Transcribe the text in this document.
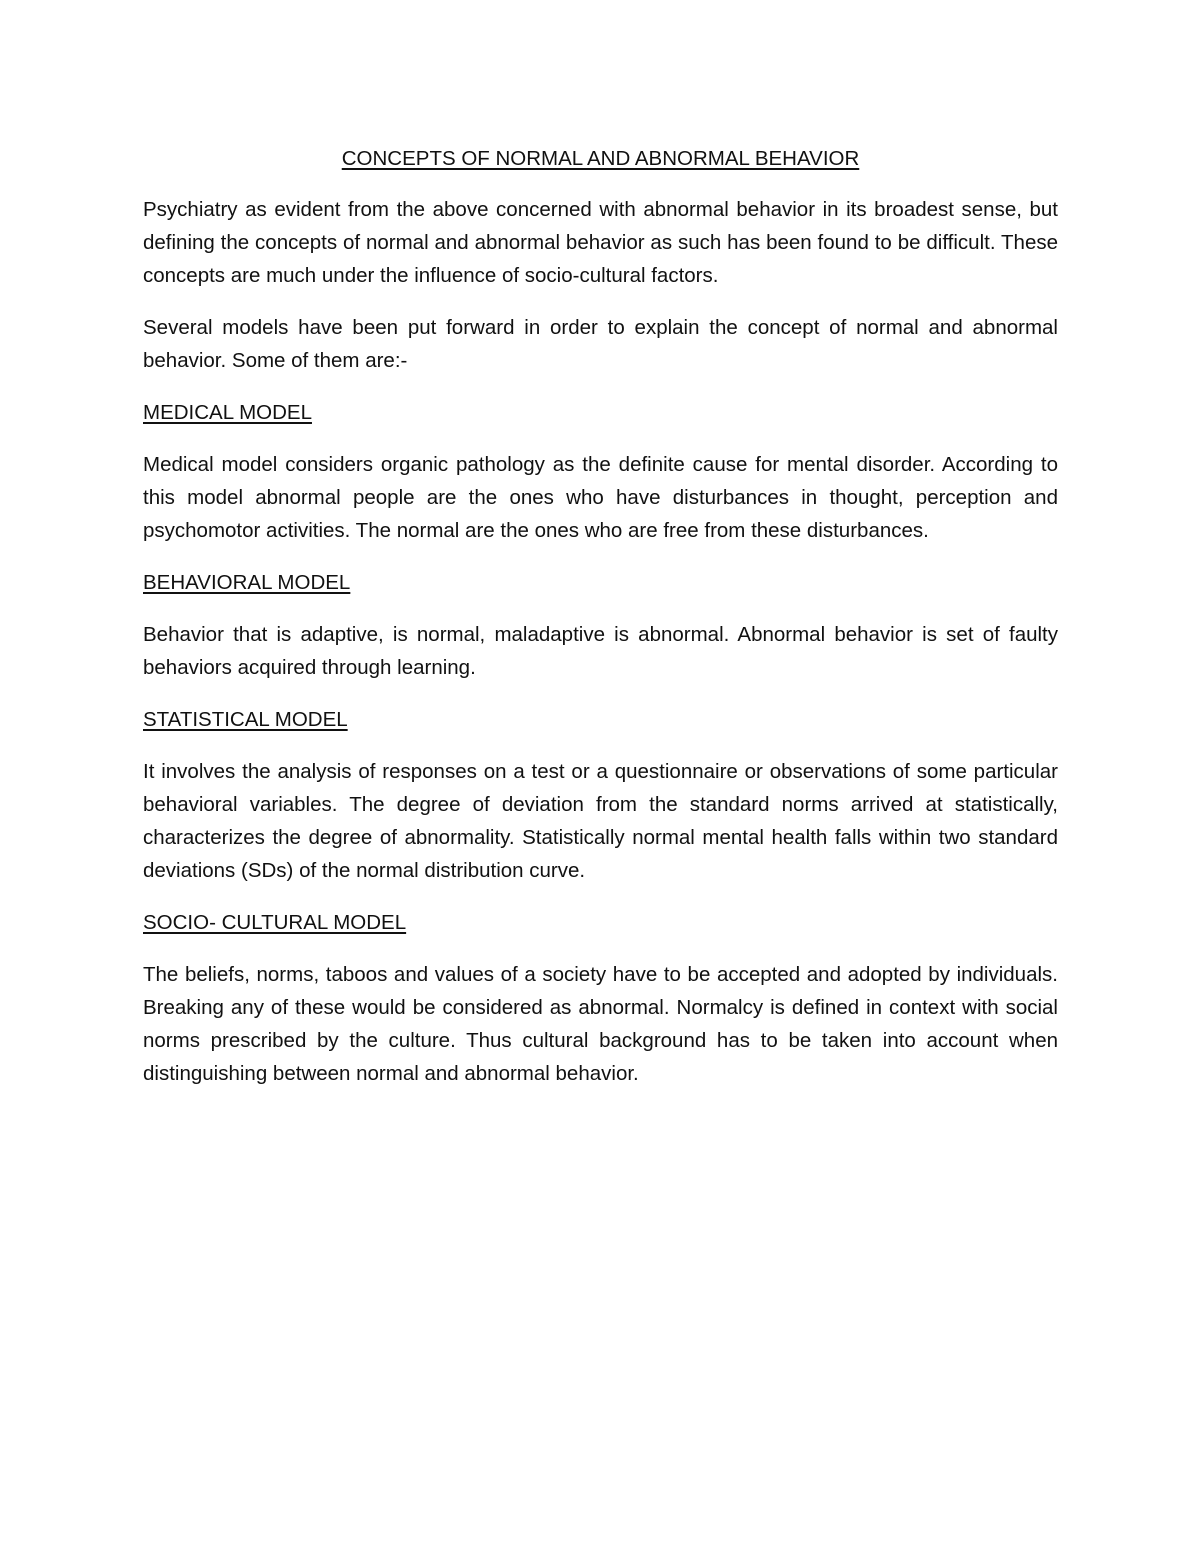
CONCEPTS OF NORMAL AND ABNORMAL BEHAVIOR

Psychiatry as evident from the above concerned with abnormal behavior in its broadest sense, but defining the concepts of normal and abnormal behavior as such has been found to be difficult. These concepts are much under the influence of socio-cultural factors.

Several models have been put forward in order to explain the concept of normal and abnormal behavior. Some of them are:-

MEDICAL MODEL

Medical model considers organic pathology as the definite cause for mental disorder. According to this model abnormal people are the ones who have disturbances in thought, perception and psychomotor activities. The normal are the ones who are free from these disturbances.

BEHAVIORAL MODEL

Behavior that is adaptive, is normal, maladaptive is abnormal. Abnormal behavior is set of faulty behaviors acquired through learning.

STATISTICAL MODEL

It involves the analysis of responses on a test or a questionnaire or observations of some particular behavioral variables. The degree of deviation from the standard norms arrived at statistically, characterizes the degree of abnormality. Statistically normal mental health falls within two standard deviations (SDs) of the normal distribution curve.

SOCIO- CULTURAL MODEL

The beliefs, norms, taboos and values of a society have to be accepted and adopted by individuals. Breaking any of these would be considered as abnormal. Normalcy is defined in context with social norms prescribed by the culture. Thus cultural background has to be taken into account when distinguishing between normal and abnormal behavior.
